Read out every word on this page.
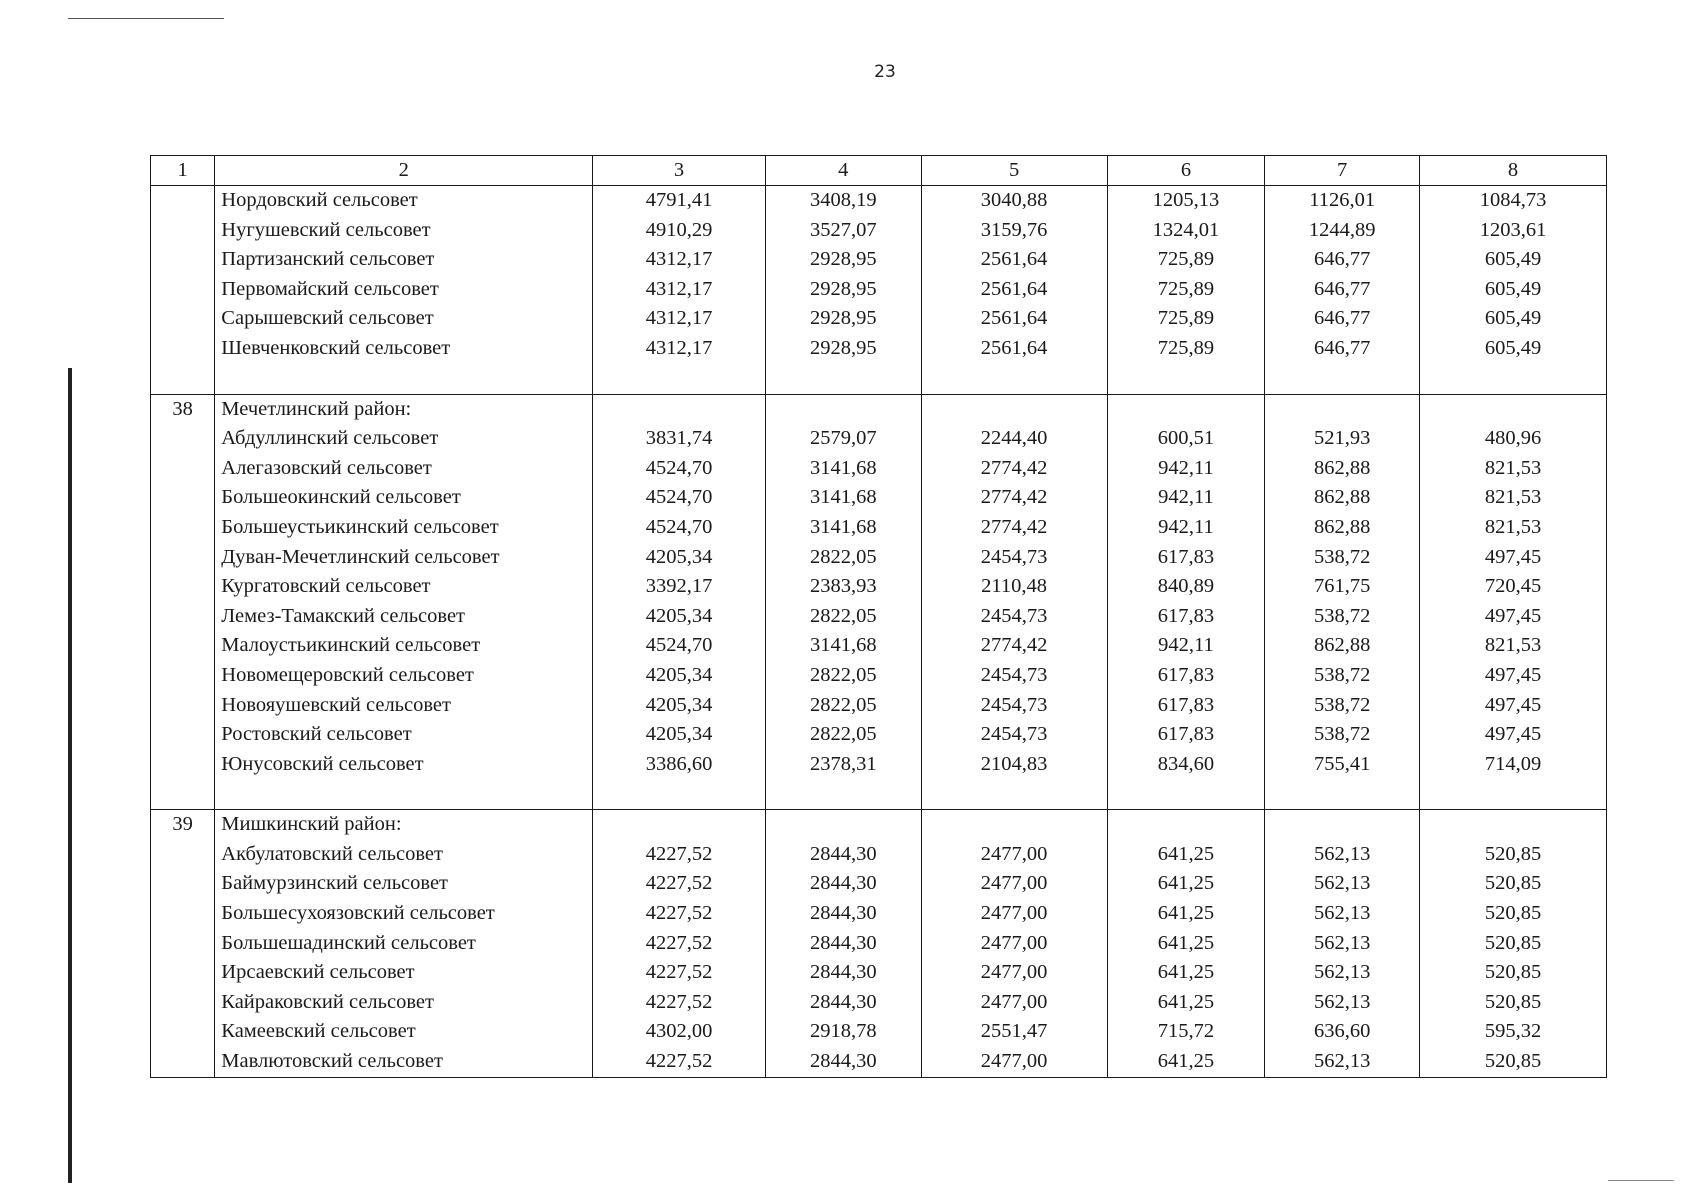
23
1	2	3	4	5	6	7	8
	Нордовский сельсовет	4791,41	3408,19	3040,88	1205,13	1126,01	1084,73
	Нугушевский сельсовет	4910,29	3527,07	3159,76	1324,01	1244,89	1203,61
	Партизанский сельсовет	4312,17	2928,95	2561,64	725,89	646,77	605,49
	Первомайский сельсовет	4312,17	2928,95	2561,64	725,89	646,77	605,49
	Сарышевский сельсовет	4312,17	2928,95	2561,64	725,89	646,77	605,49
	Шевченковский сельсовет	4312,17	2928,95	2561,64	725,89	646,77	605,49

38	Мечетлинский район:						
	Абдуллинский сельсовет	3831,74	2579,07	2244,40	600,51	521,93	480,96
	Алегазовский сельсовет	4524,70	3141,68	2774,42	942,11	862,88	821,53
	Большеокинский сельсовет	4524,70	3141,68	2774,42	942,11	862,88	821,53
	Большеустьикинский сельсовет	4524,70	3141,68	2774,42	942,11	862,88	821,53
	Дуван-Мечетлинский сельсовет	4205,34	2822,05	2454,73	617,83	538,72	497,45
	Кургатовский сельсовет	3392,17	2383,93	2110,48	840,89	761,75	720,45
	Лемез-Тамакский сельсовет	4205,34	2822,05	2454,73	617,83	538,72	497,45
	Малоустьикинский сельсовет	4524,70	3141,68	2774,42	942,11	862,88	821,53
	Новомещеровский сельсовет	4205,34	2822,05	2454,73	617,83	538,72	497,45
	Новояушевский сельсовет	4205,34	2822,05	2454,73	617,83	538,72	497,45
	Ростовский сельсовет	4205,34	2822,05	2454,73	617,83	538,72	497,45
	Юнусовский сельсовет	3386,60	2378,31	2104,83	834,60	755,41	714,09

39	Мишкинский район:						
	Акбулатовский сельсовет	4227,52	2844,30	2477,00	641,25	562,13	520,85
	Баймурзинский сельсовет	4227,52	2844,30	2477,00	641,25	562,13	520,85
	Большесухоязовский сельсовет	4227,52	2844,30	2477,00	641,25	562,13	520,85
	Большешадинский сельсовет	4227,52	2844,30	2477,00	641,25	562,13	520,85
	Ирсаевский сельсовет	4227,52	2844,30	2477,00	641,25	562,13	520,85
	Кайраковский сельсовет	4227,52	2844,30	2477,00	641,25	562,13	520,85
	Камеевский сельсовет	4302,00	2918,78	2551,47	715,72	636,60	595,32
	Мавлютовский сельсовет	4227,52	2844,30	2477,00	641,25	562,13	520,85
